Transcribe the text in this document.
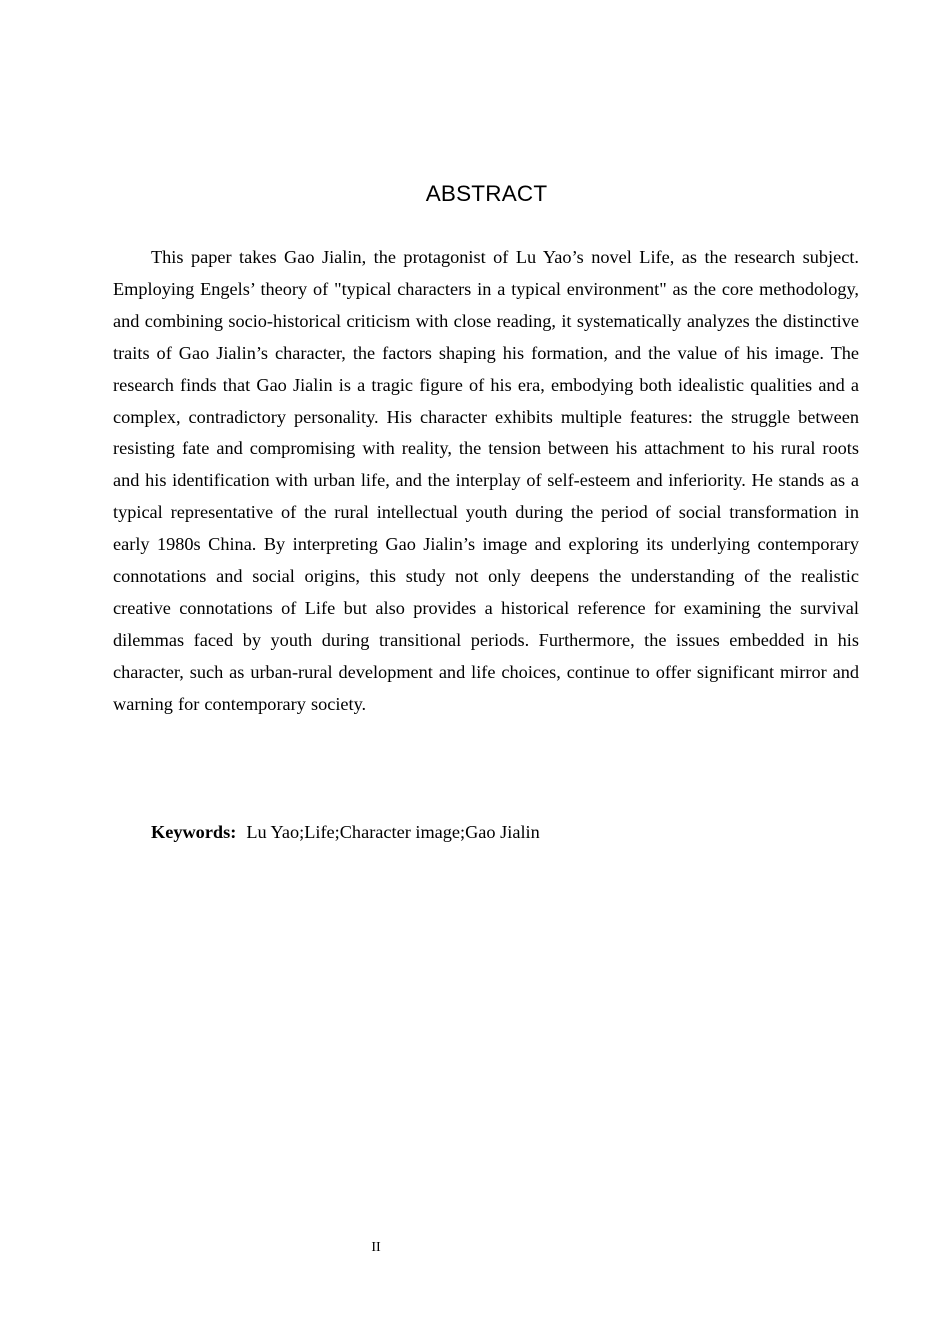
ABSTRACT

This paper takes Gao Jialin, the protagonist of Lu Yao’s novel Life, as the research subject. Employing Engels’ theory of "typical characters in a typical environment" as the core methodology, and combining socio-historical criticism with close reading, it systematically analyzes the distinctive traits of Gao Jialin’s character, the factors shaping his formation, and the value of his image. The research finds that Gao Jialin is a tragic figure of his era, embodying both idealistic qualities and a complex, contradictory personality. His character exhibits multiple features: the struggle between resisting fate and compromising with reality, the tension between his attachment to his rural roots and his identification with urban life, and the interplay of self-esteem and inferiority. He stands as a typical representative of the rural intellectual youth during the period of social transformation in early 1980s China. By interpreting Gao Jialin’s image and exploring its underlying contemporary connotations and social origins, this study not only deepens the understanding of the realistic creative connotations of Life but also provides a historical reference for examining the survival dilemmas faced by youth during transitional periods. Furthermore, the issues embedded in his character, such as urban-rural development and life choices, continue to offer significant mirror and warning for contemporary society.

Keywords: Lu Yao;Life;Character image;Gao Jialin

II
